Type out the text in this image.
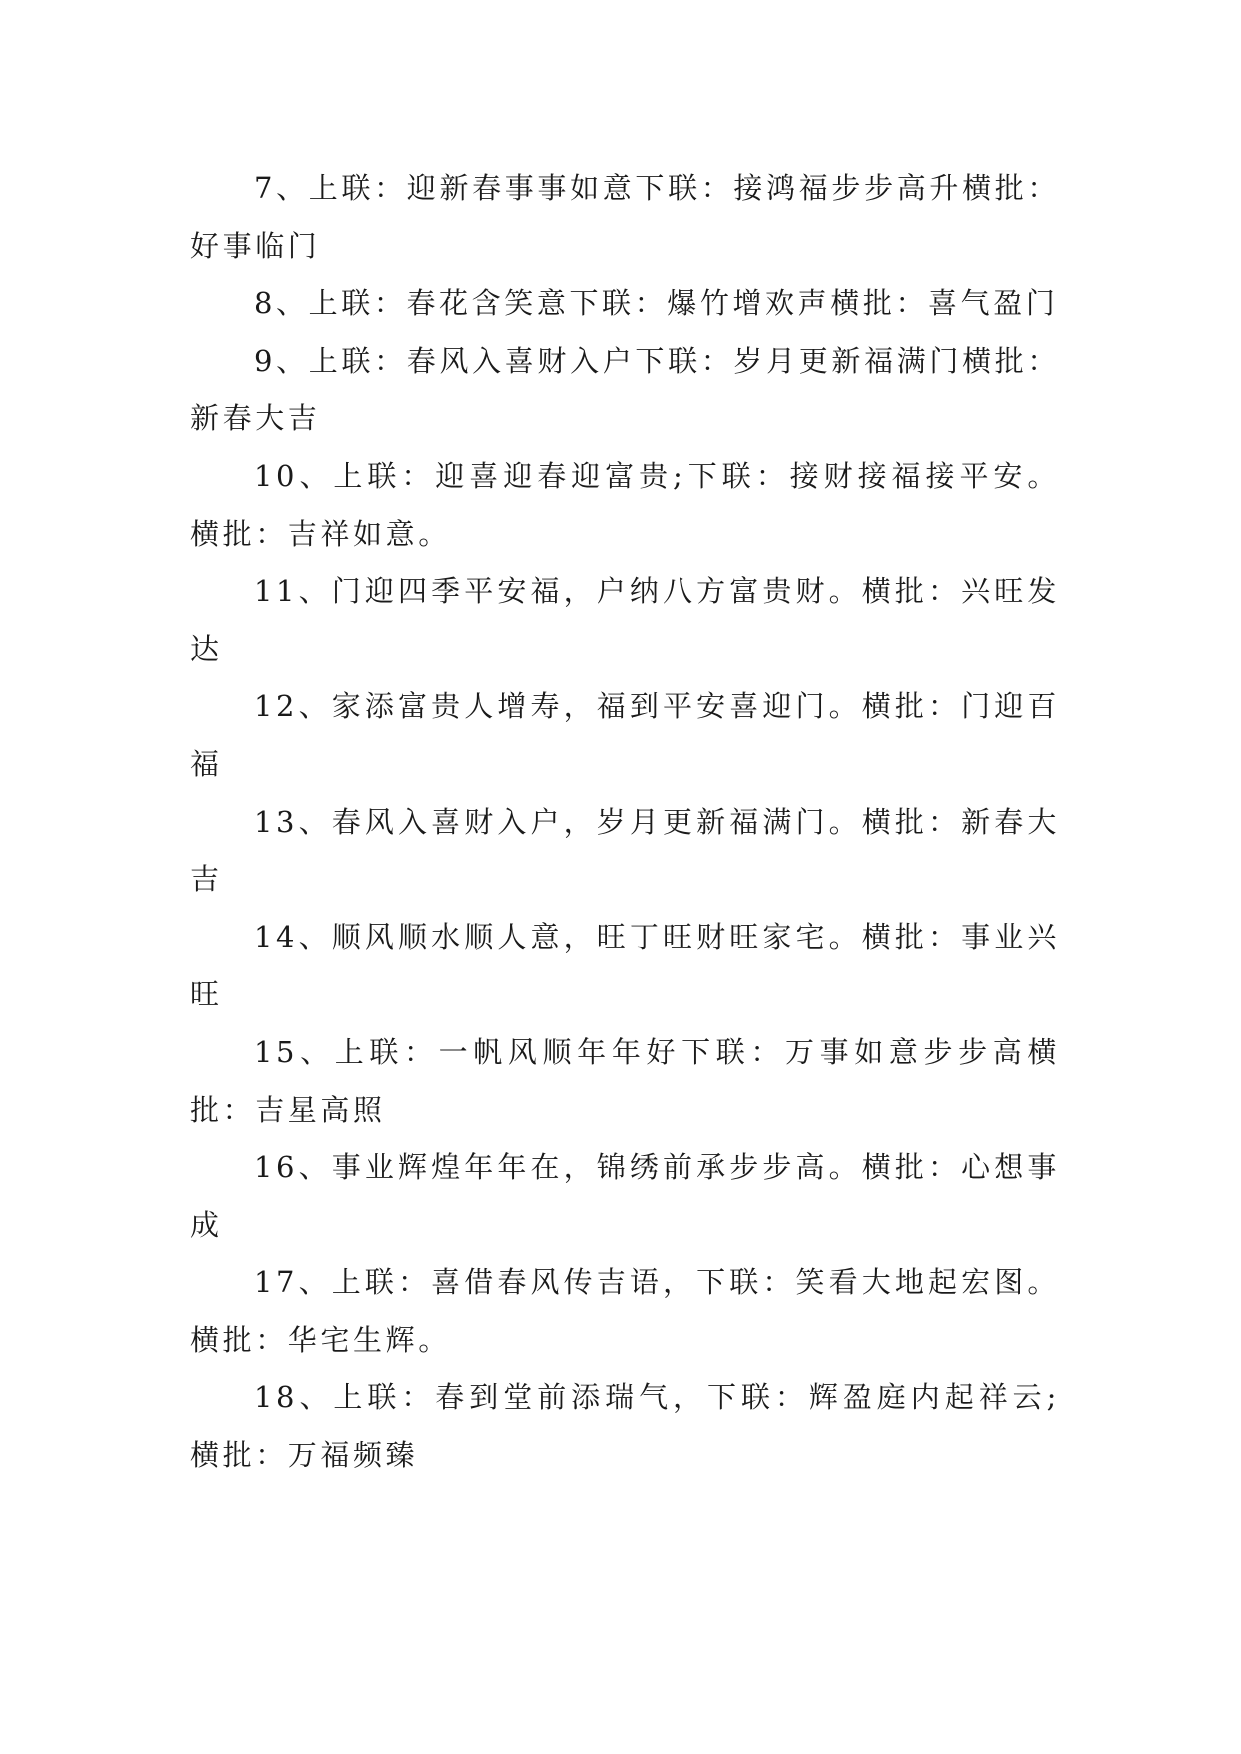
7、上联：迎新春事事如意下联：接鸿福步步高升横批：好事临门

8、上联：春花含笑意下联：爆竹增欢声横批：喜气盈门

9、上联：春风入喜财入户下联：岁月更新福满门横批：新春大吉

10、上联：迎喜迎春迎富贵;下联：接财接福接平安。横批：吉祥如意。

11、门迎四季平安福，户纳八方富贵财。横批：兴旺发达

12、家添富贵人增寿，福到平安喜迎门。横批：门迎百福

13、春风入喜财入户，岁月更新福满门。横批：新春大吉

14、顺风顺水顺人意，旺丁旺财旺家宅。横批：事业兴旺

15、上联：一帆风顺年年好下联：万事如意步步高横批：吉星高照

16、事业辉煌年年在，锦绣前承步步高。横批：心想事成

17、上联：喜借春风传吉语，下联：笑看大地起宏图。横批：华宅生辉。

18、上联：春到堂前添瑞气，下联：辉盈庭内起祥云;横批：万福频臻
